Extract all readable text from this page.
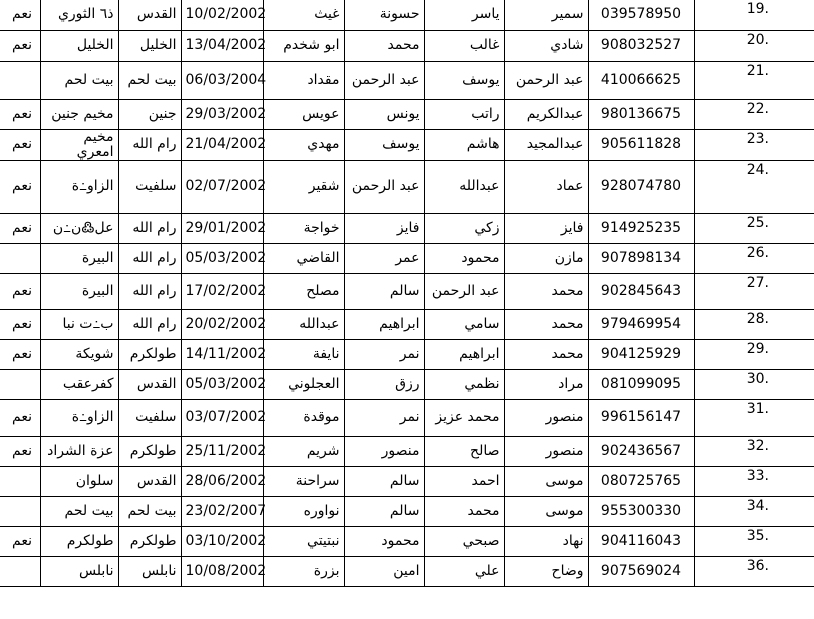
نعم	ذ٦ الثوري	القدس	10/02/2002	غيث	حسونة	ياسر	سمير	039578950	19.
نعم	الخليل	الخليل	13/04/2002	ابو شخدم	محمد	غالب	شادي	908032527	20.
	بيت لحم	بيت لحم	06/03/2004	مقداد	عبد الرحمن	يوسف	عبد الرحمن	410066625	21.
نعم	مخيم جنين	جنين	29/03/2002	عويس	يونس	راتب	عبدالكريم	980136675	22.
نعم	مخيم امعري	رام الله	21/04/2002	مهدي	يوسف	هاشم	عبدالمجيد	905611828	23.
نعم	الزاو߸ة	سلفيت	02/07/2002	شقير	عبد الرحمن	عبدالله	عماد	928074780	24.
نعم	عل߷ن߸ن	رام الله	29/01/2002	خواجة	فايز	زكي	فايز	914925235	25.
	البيرة	رام الله	05/03/2002	القاضي	عمر	محمود	مازن	907898134	26.
نعم	البيرة	رام الله	17/02/2002	مصلح	سالم	عبد الرحمن	محمد	902845643	27.
نعم	ب߸ت نبا	رام الله	20/02/2002	عبدالله	ابراهيم	سامي	محمد	979469954	28.
نعم	شويكة	طولكرم	14/11/2002	نايفة	نمر	ابراهيم	محمد	904125929	29.
	كفرعقب	القدس	05/03/2002	العجلوني	رزق	نظمي	مراد	081099095	30.
نعم	الزاو߸ة	سلفيت	03/07/2002	موقدة	نمر	محمد عزيز	منصور	996156147	31.
نعم	عزة الشراد	طولكرم	25/11/2002	شريم	منصور	صالح	منصور	902436567	32.
	سلوان	القدس	28/06/2002	سراحنة	سالم	احمد	موسى	080725765	33.
	بيت لحم	بيت لحم	23/02/2007	نواوره	سالم	محمد	موسى	955300330	34.
نعم	طولكرم	طولكرم	03/10/2002	نبتيتي	محمود	صبحي	نهاد	904116043	35.
	نابلس	نابلس	10/08/2002	بزرة	امين	علي	وضاح	907569024	36.
